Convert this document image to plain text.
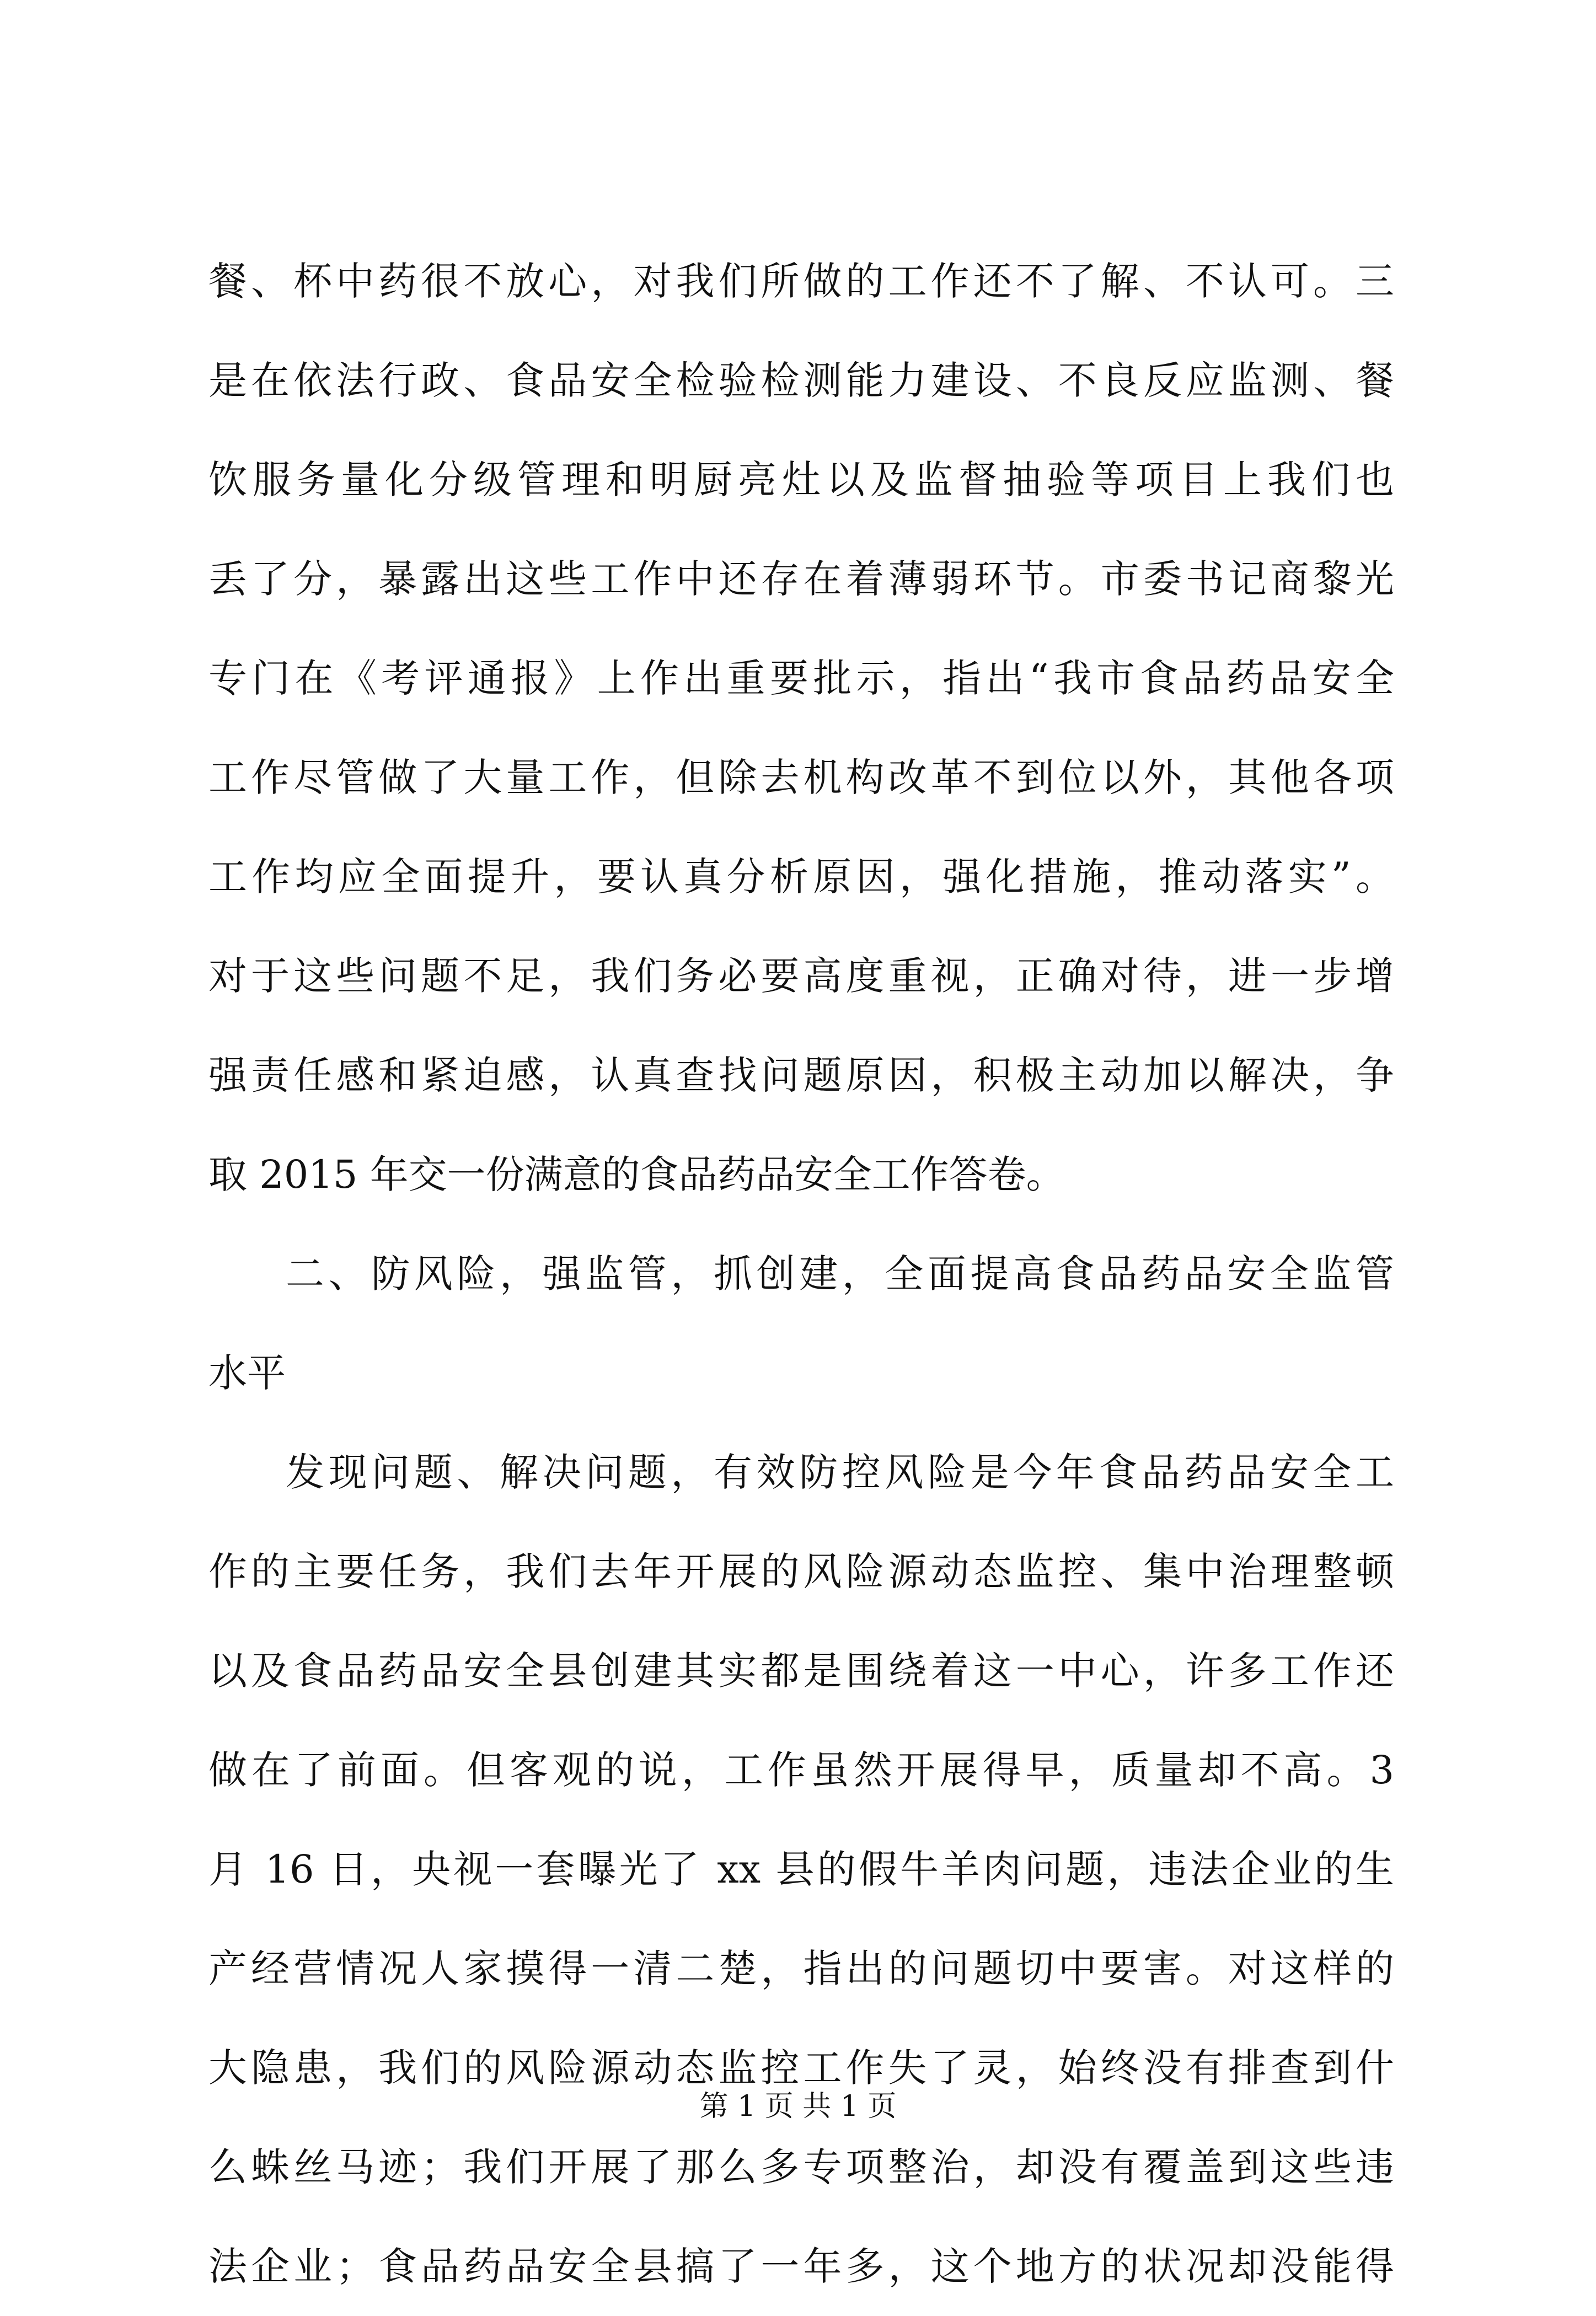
餐、杯中药很不放心，对我们所做的工作还不了解、不认可。三
是在依法行政、食品安全检验检测能力建设、不良反应监测、餐
饮服务量化分级管理和明厨亮灶以及监督抽验等项目上我们也
丢了分，暴露出这些工作中还存在着薄弱环节。市委书记商黎光
专门在《考评通报》上作出重要批示，指出“我市食品药品安全
工作尽管做了大量工作，但除去机构改革不到位以外，其他各项
工作均应全面提升，要认真分析原因，强化措施，推动落实”。
对于这些问题不足，我们务必要高度重视，正确对待，进一步增
强责任感和紧迫感，认真查找问题原因，积极主动加以解决，争
取 2015 年交一份满意的食品药品安全工作答卷。
二、防风险，强监管，抓创建，全面提高食品药品安全监管
水平
发现问题、解决问题，有效防控风险是今年食品药品安全工
作的主要任务，我们去年开展的风险源动态监控、集中治理整顿
以及食品药品安全县创建其实都是围绕着这一中心，许多工作还
做在了前面。但客观的说，工作虽然开展得早，质量却不高。3
月 16 日，央视一套曝光了 xx 县的假牛羊肉问题，违法企业的生
产经营情况人家摸得一清二楚，指出的问题切中要害。对这样的
大隐患，我们的风险源动态监控工作失了灵，始终没有排查到什
么蛛丝马迹；我们开展了那么多专项整治，却没有覆盖到这些违
法企业；食品药品安全县搞了一年多，这个地方的状况却没能得
第 1 页 共 1 页
